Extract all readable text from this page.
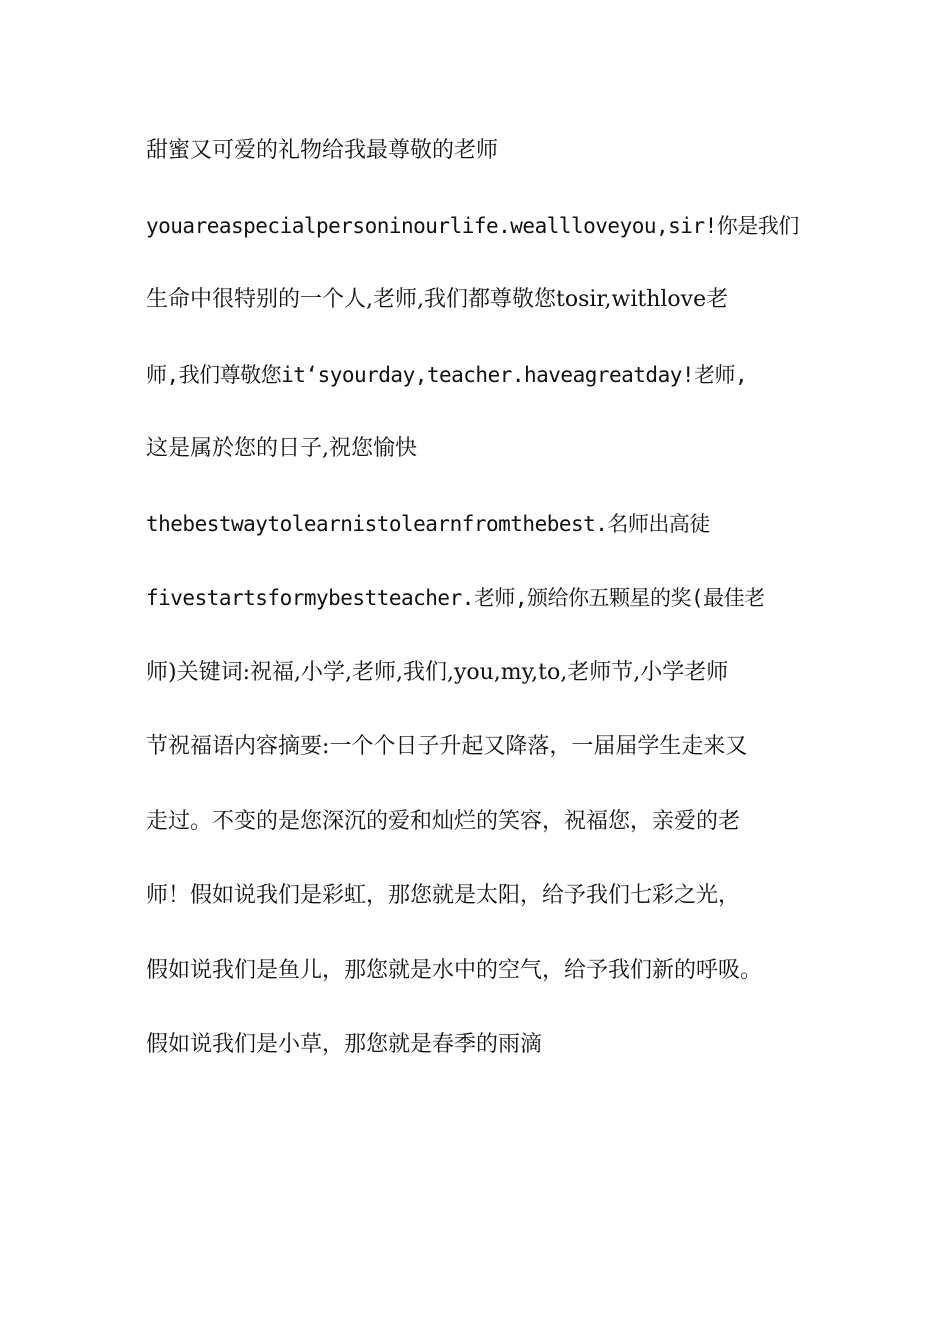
甜蜜又可爱的礼物给我最尊敬的老师
youareaspecialpersoninourlife.weallloveyou,sir!你是我们
生命中很特别的一个人,老师,我们都尊敬您tosir,withlove老
师,我们尊敬您it‘syourday,teacher.haveagreatday!老师,
这是属於您的日子,祝您愉快
thebestwaytolearnistolearnfromthebest.名师出高徒
fivestartsformybestteacher.老师,颁给你五颗星的奖(最佳老
师)关键词:祝福,小学,老师,我们,you,my,to,老师节,小学老师
节祝福语内容摘要:一个个日子升起又降落，一届届学生走来又
走过。不变的是您深沉的爱和灿烂的笑容，祝福您，亲爱的老
师！假如说我们是彩虹，那您就是太阳，给予我们七彩之光，
假如说我们是鱼儿，那您就是水中的空气，给予我们新的呼吸。
假如说我们是小草，那您就是春季的雨滴
